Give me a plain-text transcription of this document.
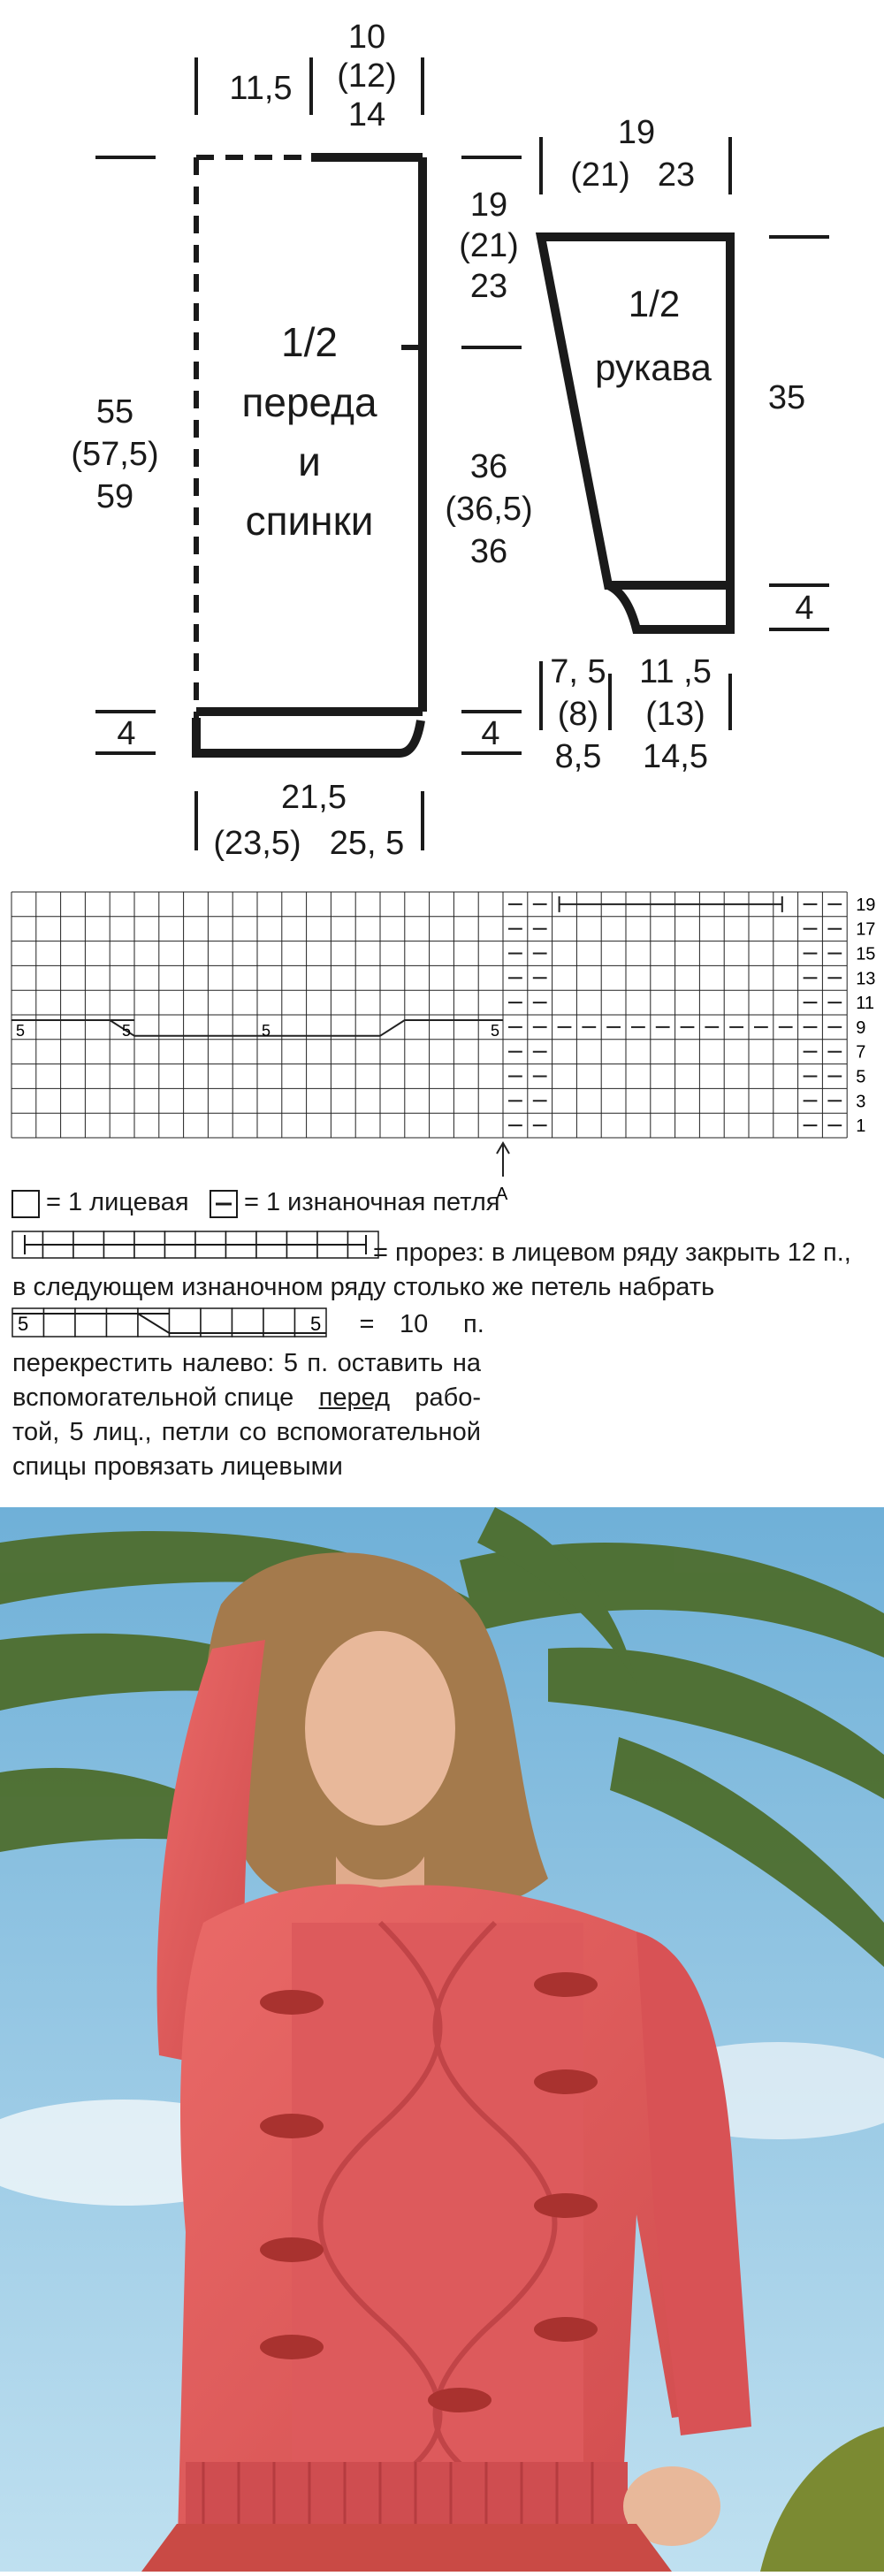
11,5
10
(12)
14
55
(57,5)
59
19
(21)
23
36
(36,5)
36
4	4
21,5
(23,5) 25, 5
1/2
переда
и
спинки
19
(21) 23
1/2
рукава
35
4
7, 5
(8)
8,5
11 ,5
(13)
14,5
5	5	5	5
19
17
15
13
11
9
7
5
3
1
A
5	5
= 1 лицевая = 1 изнаночная петля
= прорез: в лицевом ряду закрыть 12 п.,
в следующем изнаночном ряду столько же петель набрать
= 10 п.
перекрестить налево: 5 п. оставить на
вспомогательной спице перед рабо-
той, 5 лиц., петли со вспомогательной
спицы провязать лицевыми
